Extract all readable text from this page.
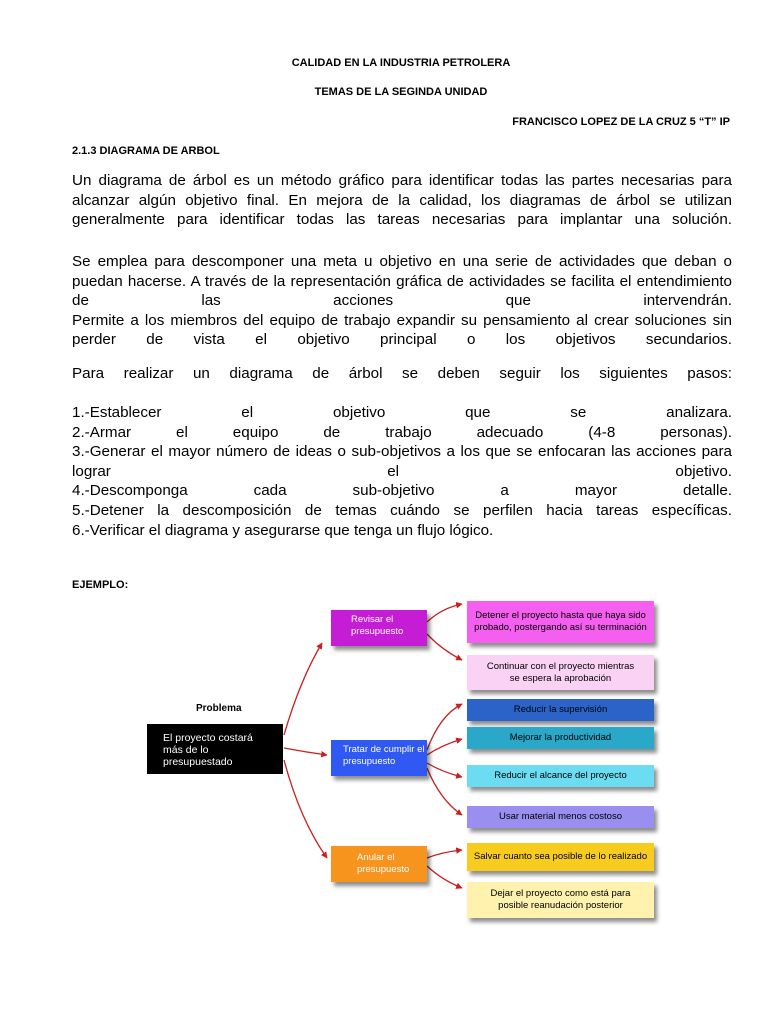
CALIDAD EN LA INDUSTRIA PETROLERA
TEMAS DE LA SEGINDA UNIDAD
FRANCISCO LOPEZ DE LA CRUZ 5 “T” IP
2.1.3 DIAGRAMA DE ARBOL

Un diagrama de árbol es un método gráfico para identificar todas las partes necesarias para alcanzar algún objetivo final. En mejora de la calidad, los diagramas de árbol se utilizan generalmente para identificar todas las tareas necesarias para implantar una solución.

Se emplea para descomponer una meta u objetivo en una serie de actividades que deban o puedan hacerse. A través de la representación gráfica de actividades se facilita el entendimiento de las acciones que intervendrán.

Permite a los miembros del equipo de trabajo expandir su pensamiento al crear soluciones sin perder de vista el objetivo principal o los objetivos secundarios.

Para realizar un diagrama de árbol se deben seguir los siguientes pasos:

1.-Establecer el objetivo que se analizara.

2.-Armar el equipo de trabajo adecuado (4-8 personas).

3.-Generar el mayor número de ideas o sub-objetivos a los que se enfocaran las acciones para lograr el objetivo.

4.-Descomponga cada sub-objetivo a mayor detalle.

5.-Detener la descomposición de temas cuándo se perfilen hacia tareas específicas.

6.-Verificar el diagrama y asegurarse que tenga un flujo lógico.

EJEMPLO:
Problema
El proyecto costará más de lo presupuestado
Revisar el presupuesto
Tratar de cumplir el presupuesto
Anular el presupuesto
Detener el proyecto hasta que haya sido probado, postergando así su terminación
Continuar con el proyecto mientras se espera la aprobación
Reducir la supervisión
Mejorar la productividad
Reducir el alcance del proyecto
Usar material menos costoso
Salvar cuanto sea posible de lo realizado
Dejar el proyecto como está para posible reanudación posterior
